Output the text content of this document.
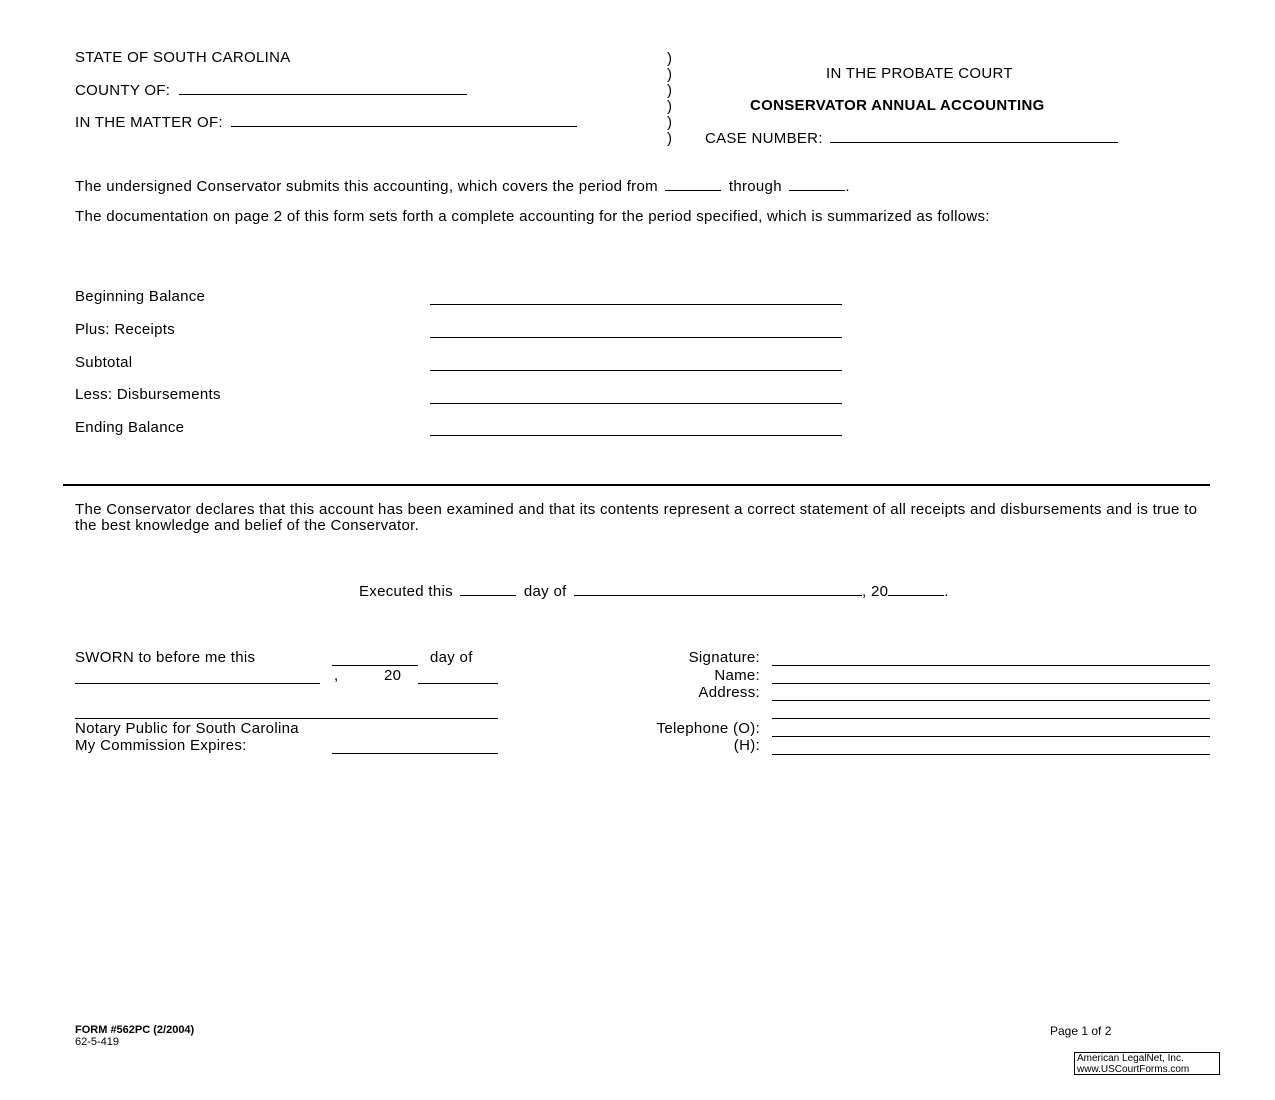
STATE OF SOUTH CAROLINA
COUNTY OF:
IN THE MATTER OF:
)
)
)
)
)
)
IN THE PROBATE COURT
CONSERVATOR ANNUAL ACCOUNTING
CASE NUMBER:
The undersigned Conservator submits this accounting, which covers the period from	through	.
The documentation on page 2 of this form sets forth a complete accounting for the period specified, which is summarized as follows:
Beginning Balance
Plus: Receipts
Subtotal
Less: Disbursements
Ending Balance
The Conservator declares that this account has been examined and that its contents represent a correct statement of all receipts and disbursements and is true to the best knowledge and belief of the Conservator.
Executed this	day of	, 20	.
SWORN to before me this	day of
,	20
Notary Public for South Carolina
My Commission Expires:
Signature:
Name:
Address:
Telephone (O):
(H):
FORM #562PC (2/2004)
62-5-419
Page 1 of 2
American LegalNet, Inc.
www.USCourtForms.com
